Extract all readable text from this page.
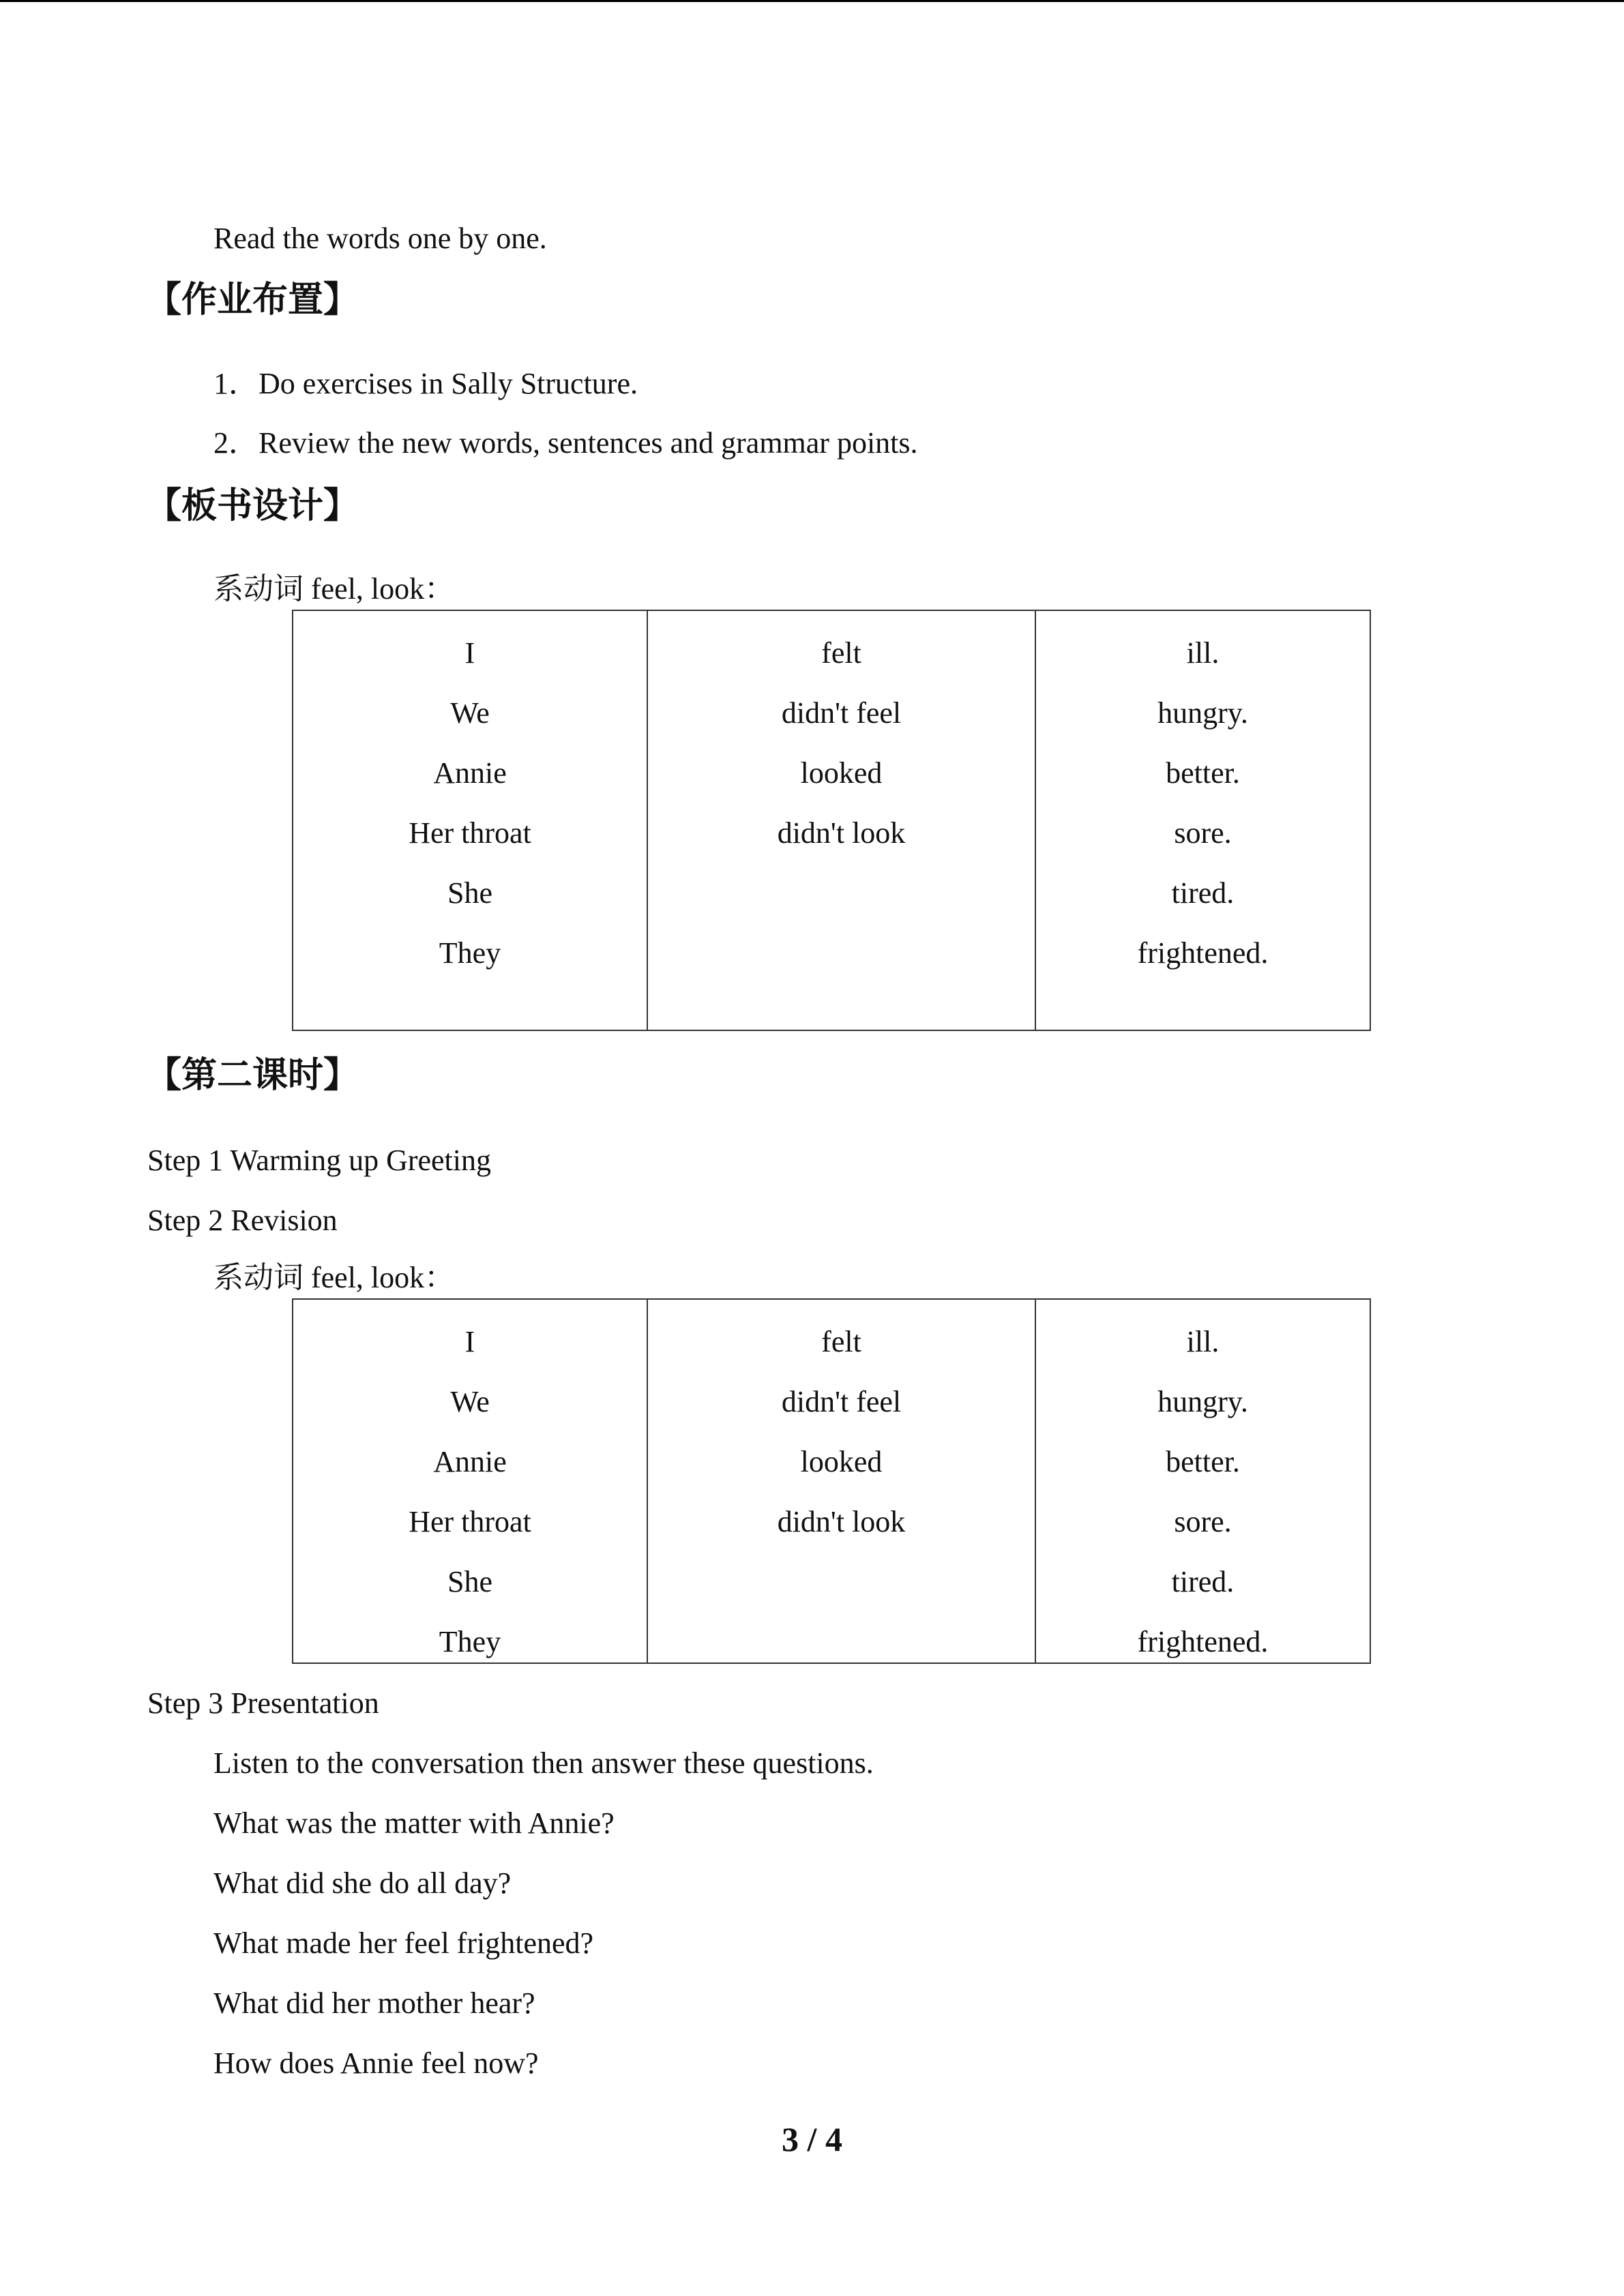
Read the words one by one.
【作业布置】
1．Do exercises in Sally Structure.
2．Review the new words, sentences and grammar points.
【板书设计】
系动词 feel, look：
I
We
Annie
Her throat
She
They

felt
didn't feel
looked
didn't look

ill.
hungry.
better.
sore.
tired.
frightened.
【第二课时】
Step 1 Warming up Greeting
Step 2 Revision
系动词 feel, look：
I
We
Annie
Her throat
She
They

felt
didn't feel
looked
didn't look

ill.
hungry.
better.
sore.
tired.
frightened.
Step 3 Presentation
Listen to the conversation then answer these questions.
What was the matter with Annie?
What did she do all day?
What made her feel frightened?
What did her mother hear?
How does Annie feel now?
3 / 4
